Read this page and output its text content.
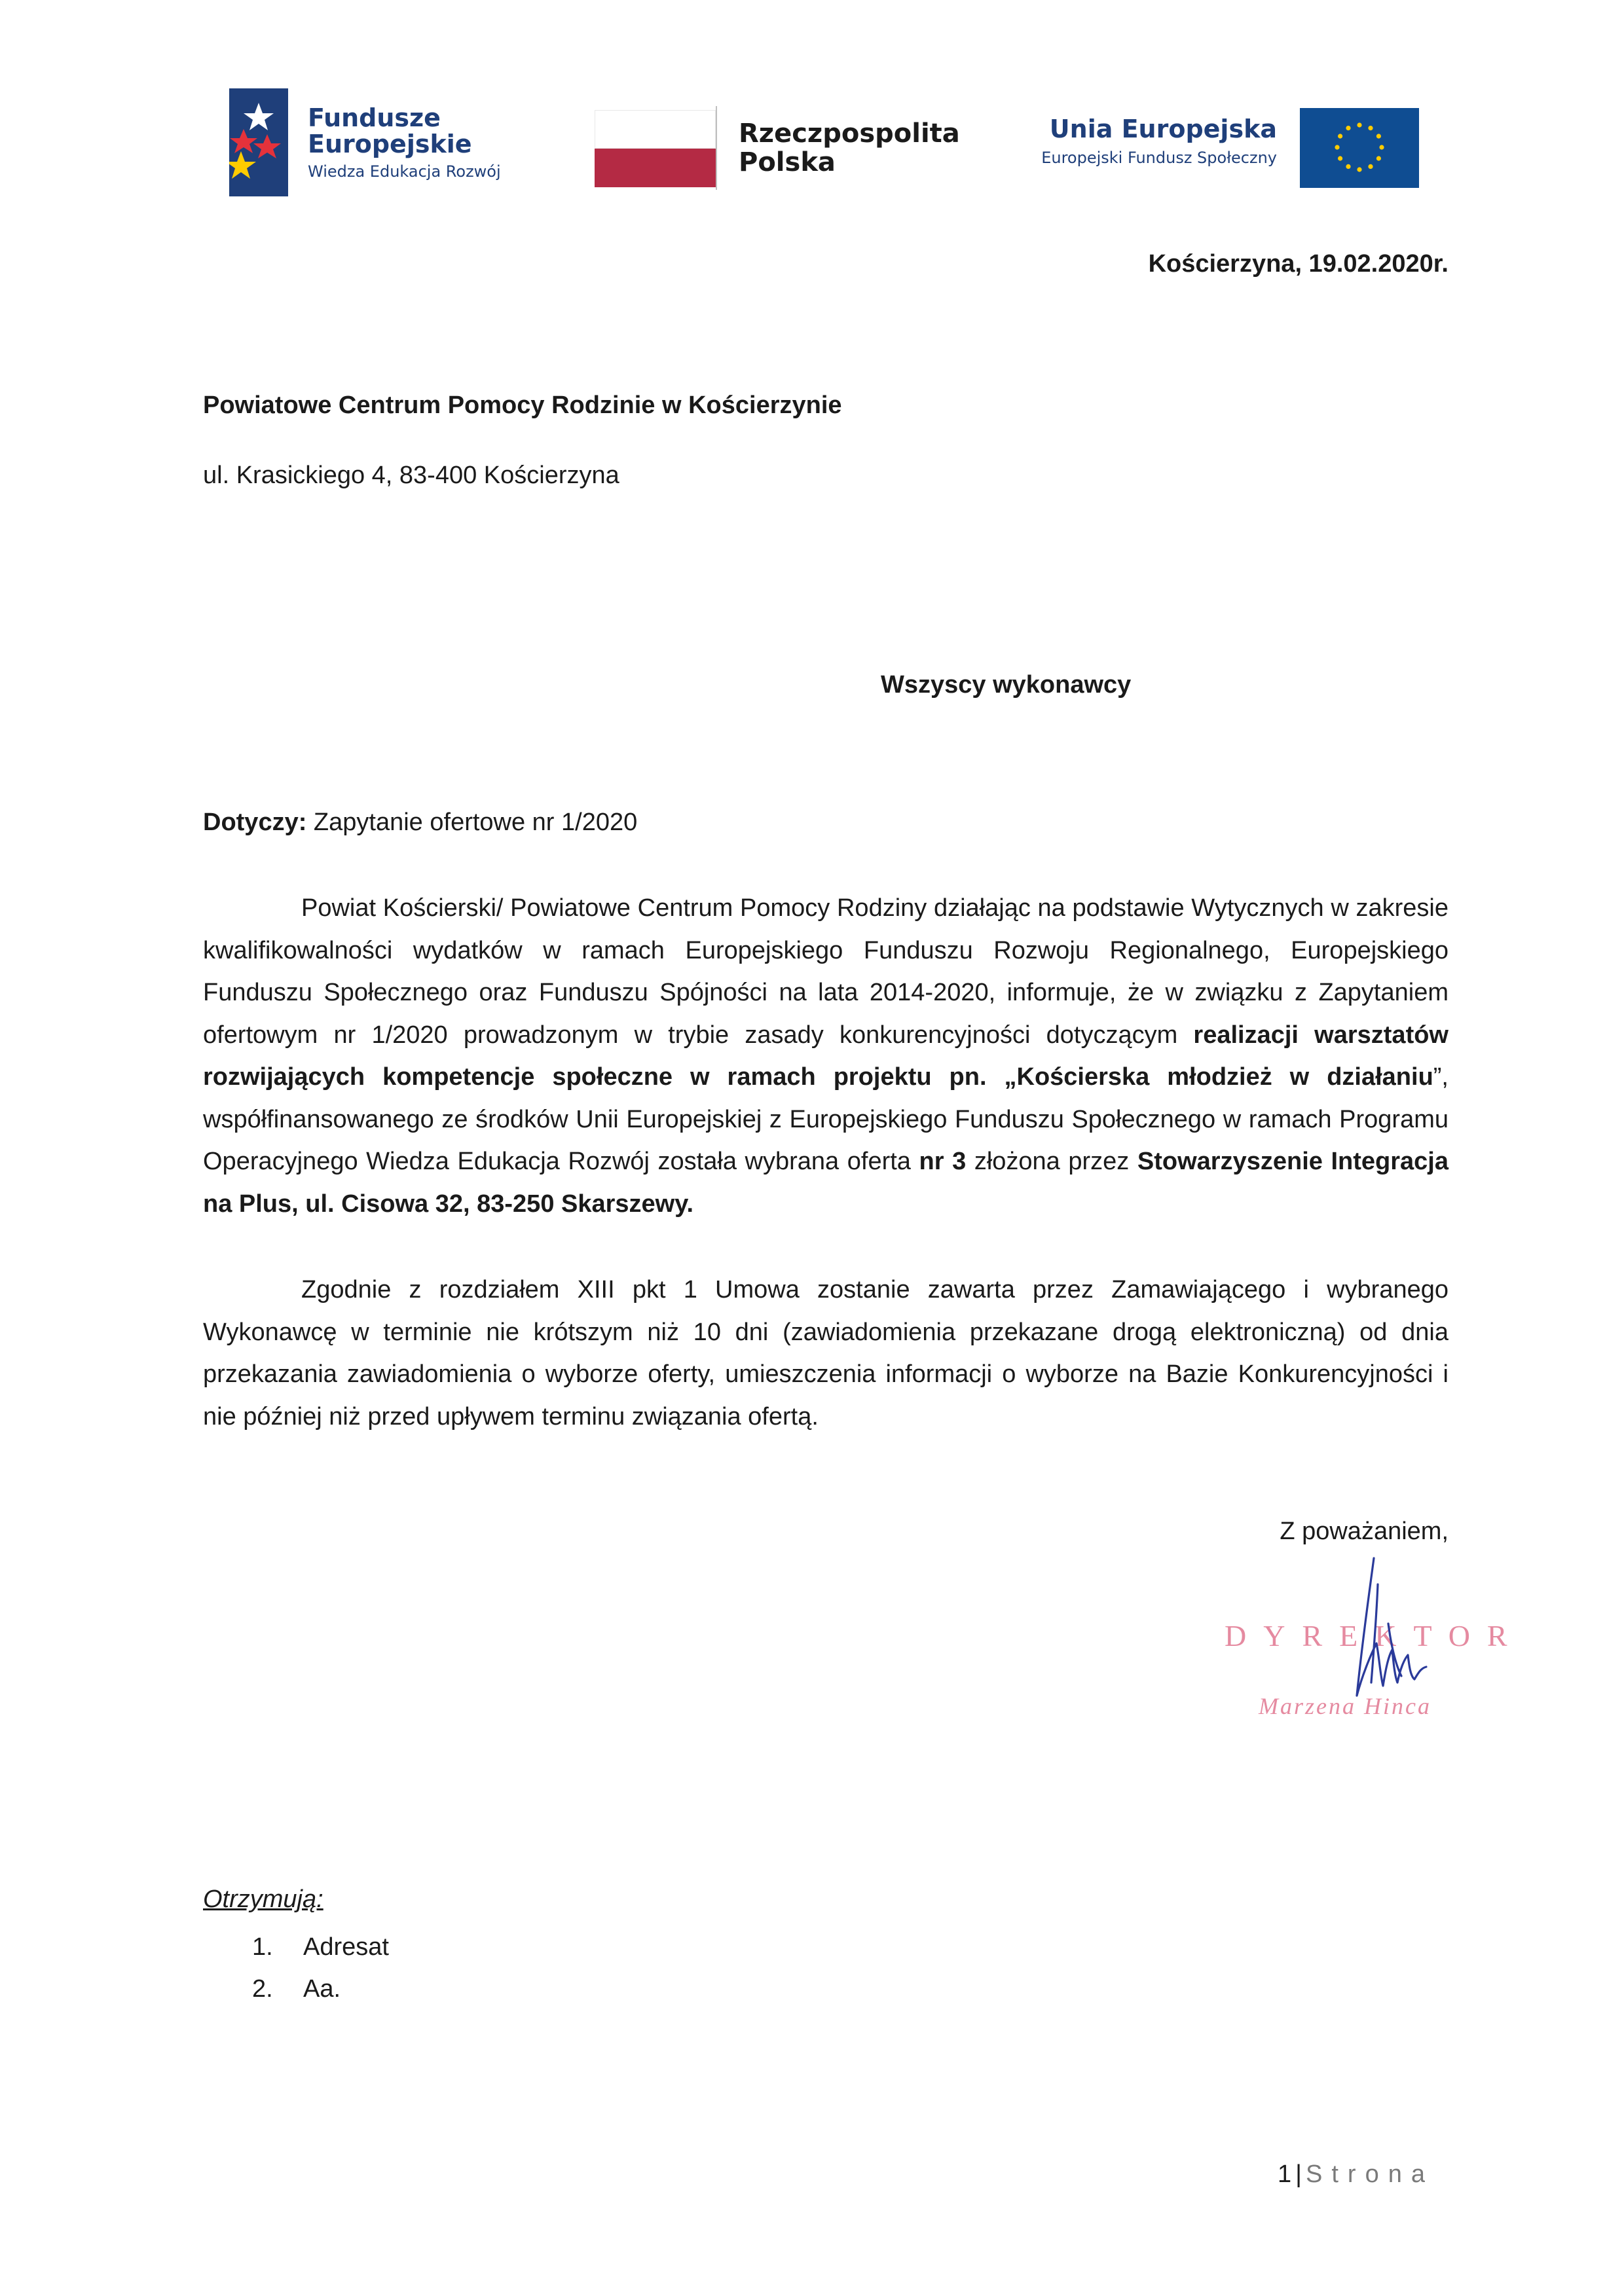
Fundusze
Europejskie
Wiedza Edukacja Rozwój
Rzeczpospolita
Polska
Unia Europejska
Europejski Fundusz Społeczny
Kościerzyna, 19.02.2020r.
Powiatowe Centrum Pomocy Rodzinie w Kościerzynie
ul. Krasickiego 4, 83-400 Kościerzyna
Wszyscy wykonawcy
Dotyczy: Zapytanie ofertowe nr 1/2020
Powiat Kościerski/ Powiatowe Centrum Pomocy Rodziny działając na podstawie Wytycznych w zakresie kwalifikowalności wydatków w ramach Europejskiego Funduszu Rozwoju Regionalnego, Europejskiego Funduszu Społecznego oraz Funduszu Spójności na lata 2014-2020, informuje, że w związku z Zapytaniem ofertowym nr 1/2020 prowadzonym w trybie zasady konkurencyjności dotyczącym realizacji warsztatów rozwijających kompetencje społeczne w ramach projektu pn. „Kościerska młodzież w działaniu”, współfinansowanego ze środków Unii Europejskiej z Europejskiego Funduszu Społecznego w ramach Programu Operacyjnego Wiedza Edukacja Rozwój została wybrana oferta nr 3 złożona przez Stowarzyszenie Integracja na Plus, ul. Cisowa 32, 83-250 Skarszewy.
Zgodnie z rozdziałem XIII pkt 1 Umowa zostanie zawarta przez Zamawiającego i wybranego Wykonawcę w terminie nie krótszym niż 10 dni (zawiadomienia przekazane drogą elektroniczną) od dnia przekazania zawiadomienia o wyborze oferty, umieszczenia informacji o wyborze na Bazie Konkurencyjności i nie później niż przed upływem terminu związania ofertą.
Z poważaniem,
DYREKTOR
Marzena Hinca
Otrzymują:
1. Adresat
2. Aa.
1 | Strona
